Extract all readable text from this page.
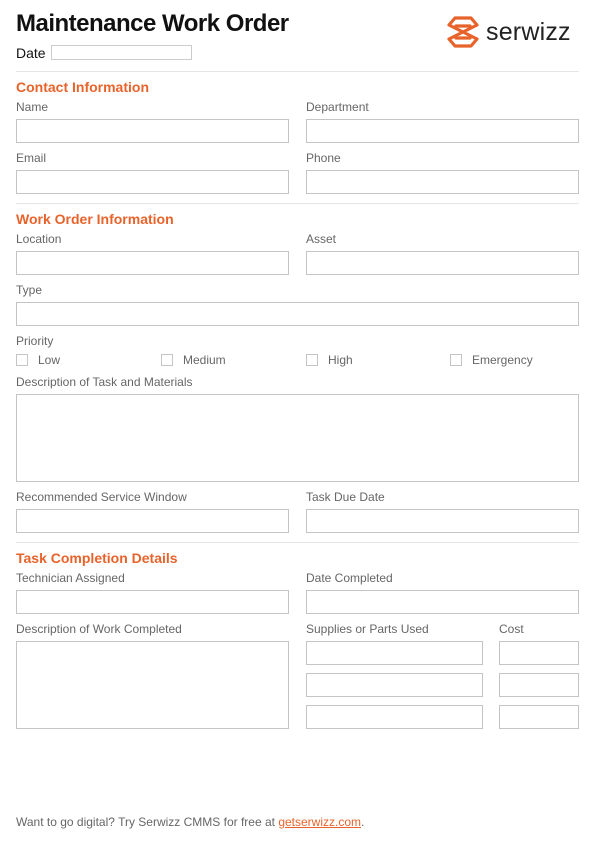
Maintenance Work Order
Date
serwizz
Contact Information
Name	Department
Email	Phone
Work Order Information
Location	Asset
Type
Priority
Low	Medium	High	Emergency
Description of Task and Materials
Recommended Service Window	Task Due Date
Task Completion Details
Technician Assigned	Date Completed
Description of Work Completed	Supplies or Parts Used	Cost
Want to go digital? Try Serwizz CMMS for free at getserwizz.com.
